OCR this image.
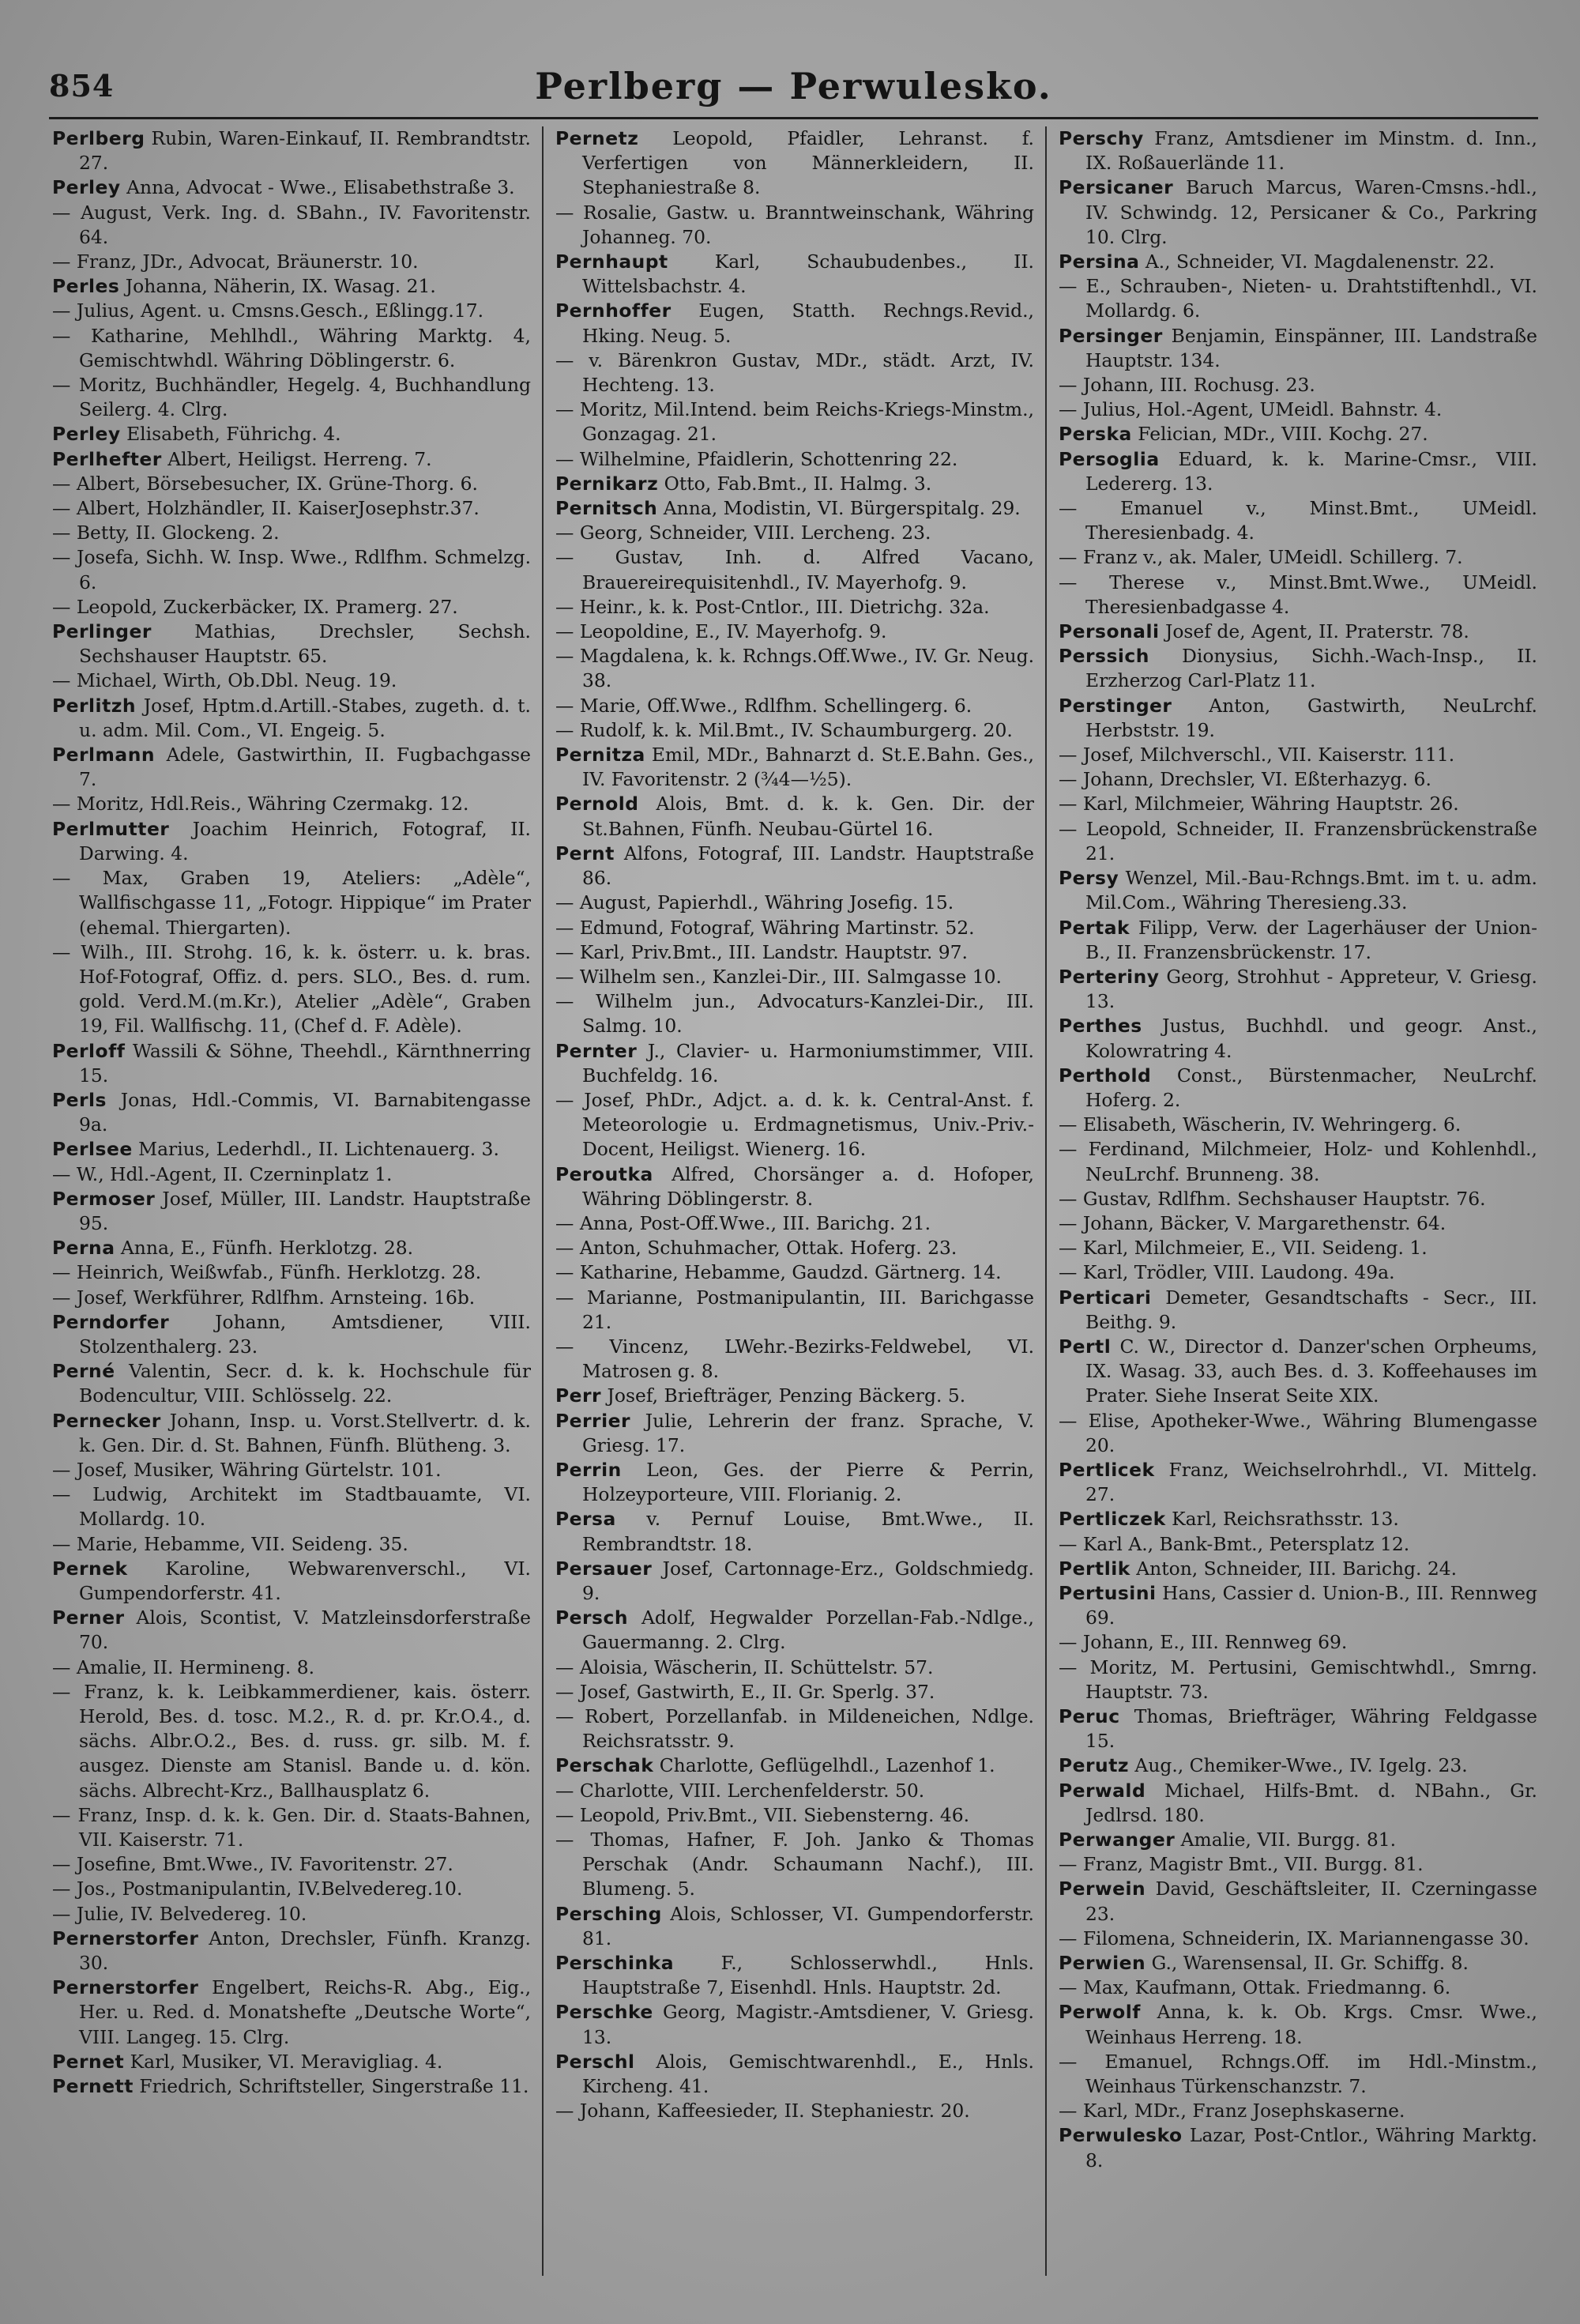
854	Perlberg — Perwulesko.

Perlberg Rubin, Waren-Einkauf, II. Rembrandtstr. 27.

Perley Anna, Advocat - Wwe., Elisabethstraße 3.

— August, Verk. Ing. d. SBahn., IV. Favoritenstr. 64.

— Franz, JDr., Advocat, Bräunerstr. 10.

Perles Johanna, Näherin, IX. Wasag. 21.

— Julius, Agent. u. Cmsns.Gesch., Eßlingg.17.

— Katharine, Mehlhdl., Währing Marktg. 4, Gemischtwhdl. Währing Döblingerstr. 6.

— Moritz, Buchhändler, Hegelg. 4, Buchhandlung Seilerg. 4. Clrg.

Perley Elisabeth, Führichg. 4.

Perlhefter Albert, Heiligst. Herreng. 7.

— Albert, Börsebesucher, IX. Grüne-Thorg. 6.

— Albert, Holzhändler, II. KaiserJosephstr.37.

— Betty, II. Glockeng. 2.

— Josefa, Sichh. W. Insp. Wwe., Rdlfhm. Schmelzg. 6.

— Leopold, Zuckerbäcker, IX. Pramerg. 27.

Perlinger Mathias, Drechsler, Sechsh. Sechshauser Hauptstr. 65.

— Michael, Wirth, Ob.Dbl. Neug. 19.

Perlitzh Josef, Hptm.d.Artill.-Stabes, zugeth. d. t. u. adm. Mil. Com., VI. Engeig. 5.

Perlmann Adele, Gastwirthin, II. Fugbachgasse 7.

— Moritz, Hdl.Reis., Währing Czermakg. 12.

Perlmutter Joachim Heinrich, Fotograf, II. Darwing. 4.

— Max, Graben 19, Ateliers: „Adèle“, Wallfischgasse 11, „Fotogr. Hippique“ im Prater (ehemal. Thiergarten).

— Wilh., III. Strohg. 16, k. k. österr. u. k. bras. Hof-Fotograf, Offiz. d. pers. SLO., Bes. d. rum. gold. Verd.M.(m.Kr.), Atelier „Adèle“, Graben 19, Fil. Wallfischg. 11, (Chef d. F. Adèle).

Perloff Wassili & Söhne, Theehdl., Kärnthnerring 15.

Perls Jonas, Hdl.-Commis, VI. Barnabitengasse 9a.

Perlsee Marius, Lederhdl., II. Lichtenauerg. 3.

— W., Hdl.-Agent, II. Czerninplatz 1.

Permoser Josef, Müller, III. Landstr. Hauptstraße 95.

Perna Anna, E., Fünfh. Herklotzg. 28.

— Heinrich, Weißwfab., Fünfh. Herklotzg. 28.

— Josef, Werkführer, Rdlfhm. Arnsteing. 16b.

Perndorfer Johann, Amtsdiener, VIII. Stolzenthalerg. 23.

Perné Valentin, Secr. d. k. k. Hochschule für Bodencultur, VIII. Schlösselg. 22.

Pernecker Johann, Insp. u. Vorst.Stellvertr. d. k. k. Gen. Dir. d. St. Bahnen, Fünfh. Blütheng. 3.

— Josef, Musiker, Währing Gürtelstr. 101.

— Ludwig, Architekt im Stadtbauamte, VI. Mollardg. 10.

— Marie, Hebamme, VII. Seideng. 35.

Pernek Karoline, Webwarenverschl., VI. Gumpendorferstr. 41.

Perner Alois, Scontist, V. Matzleinsdorferstraße 70.

— Amalie, II. Hermineng. 8.

— Franz, k. k. Leibkammerdiener, kais. österr. Herold, Bes. d. tosc. M.2., R. d. pr. Kr.O.4., d. sächs. Albr.O.2., Bes. d. russ. gr. silb. M. f. ausgez. Dienste am Stanisl. Bande u. d. kön. sächs. Albrecht-Krz., Ballhausplatz 6.

— Franz, Insp. d. k. k. Gen. Dir. d. Staats-Bahnen, VII. Kaiserstr. 71.

— Josefine, Bmt.Wwe., IV. Favoritenstr. 27.

— Jos., Postmanipulantin, IV.Belvedereg.10.

— Julie, IV. Belvedereg. 10.

Pernerstorfer Anton, Drechsler, Fünfh. Kranzg. 30.

Pernerstorfer Engelbert, Reichs-R. Abg., Eig., Her. u. Red. d. Monatshefte „Deutsche Worte“, VIII. Langeg. 15. Clrg.

Pernet Karl, Musiker, VI. Meravigliag. 4.

Pernett Friedrich, Schriftsteller, Singerstraße 11.

Pernetz Leopold, Pfaidler, Lehranst. f. Verfertigen von Männerkleidern, II. Stephaniestraße 8.

— Rosalie, Gastw. u. Branntweinschank, Währing Johanneg. 70.

Pernhaupt Karl, Schaubudenbes., II. Wittelsbachstr. 4.

Pernhoffer Eugen, Statth. Rechngs.Revid., Hking. Neug. 5.

— v. Bärenkron Gustav, MDr., städt. Arzt, IV. Hechteng. 13.

— Moritz, Mil.Intend. beim Reichs-Kriegs-Minstm., Gonzagag. 21.

— Wilhelmine, Pfaidlerin, Schottenring 22.

Pernikarz Otto, Fab.Bmt., II. Halmg. 3.

Pernitsch Anna, Modistin, VI. Bürgerspitalg. 29.

— Georg, Schneider, VIII. Lercheng. 23.

— Gustav, Inh. d. Alfred Vacano, Brauereirequisitenhdl., IV. Mayerhofg. 9.

— Heinr., k. k. Post-Cntlor., III. Dietrichg. 32a.

— Leopoldine, E., IV. Mayerhofg. 9.

— Magdalena, k. k. Rchngs.Off.Wwe., IV. Gr. Neug. 38.

— Marie, Off.Wwe., Rdlfhm. Schellingerg. 6.

— Rudolf, k. k. Mil.Bmt., IV. Schaumburgerg. 20.

Pernitza Emil, MDr., Bahnarzt d. St.E.Bahn. Ges., IV. Favoritenstr. 2 (¾4—½5).

Pernold Alois, Bmt. d. k. k. Gen. Dir. der St.Bahnen, Fünfh. Neubau-Gürtel 16.

Pernt Alfons, Fotograf, III. Landstr. Hauptstraße 86.

— August, Papierhdl., Währing Josefig. 15.

— Edmund, Fotograf, Währing Martinstr. 52.

— Karl, Priv.Bmt., III. Landstr. Hauptstr. 97.

— Wilhelm sen., Kanzlei-Dir., III. Salmgasse 10.

— Wilhelm jun., Advocaturs-Kanzlei-Dir., III. Salmg. 10.

Pernter J., Clavier- u. Harmoniumstimmer, VIII. Buchfeldg. 16.

— Josef, PhDr., Adjct. a. d. k. k. Central-Anst. f. Meteorologie u. Erdmagnetismus, Univ.-Priv.-Docent, Heiligst. Wienerg. 16.

Peroutka Alfred, Chorsänger a. d. Hofoper, Währing Döblingerstr. 8.

— Anna, Post-Off.Wwe., III. Barichg. 21.

— Anton, Schuhmacher, Ottak. Hoferg. 23.

— Katharine, Hebamme, Gaudzd. Gärtnerg. 14.

— Marianne, Postmanipulantin, III. Barichgasse 21.

— Vincenz, LWehr.-Bezirks-Feldwebel, VI. Matrosen g. 8.

Perr Josef, Briefträger, Penzing Bäckerg. 5.

Perrier Julie, Lehrerin der franz. Sprache, V. Griesg. 17.

Perrin Leon, Ges. der Pierre & Perrin, Holzeyporteure, VIII. Florianig. 2.

Persa v. Pernuf Louise, Bmt.Wwe., II. Rembrandtstr. 18.

Persauer Josef, Cartonnage-Erz., Goldschmiedg. 9.

Persch Adolf, Hegwalder Porzellan-Fab.-Ndlge., Gauermanng. 2. Clrg.

— Aloisia, Wäscherin, II. Schüttelstr. 57.

— Josef, Gastwirth, E., II. Gr. Sperlg. 37.

— Robert, Porzellanfab. in Mildeneichen, Ndlge. Reichsratsstr. 9.

Perschak Charlotte, Geflügelhdl., Lazenhof 1.

— Charlotte, VIII. Lerchenfelderstr. 50.

— Leopold, Priv.Bmt., VII. Siebensterng. 46.

— Thomas, Hafner, F. Joh. Janko & Thomas Perschak (Andr. Schaumann Nachf.), III. Blumeng. 5.

Persching Alois, Schlosser, VI. Gumpendorferstr. 81.

Perschinka F., Schlosserwhdl., Hnls. Hauptstraße 7, Eisenhdl. Hnls. Hauptstr. 2d.

Perschke Georg, Magistr.-Amtsdiener, V. Griesg. 13.

Perschl Alois, Gemischtwarenhdl., E., Hnls. Kircheng. 41.

— Johann, Kaffeesieder, II. Stephaniestr. 20.

Perschy Franz, Amtsdiener im Minstm. d. Inn., IX. Roßauerlände 11.

Persicaner Baruch Marcus, Waren-Cmsns.-hdl., IV. Schwindg. 12, Persicaner & Co., Parkring 10. Clrg.

Persina A., Schneider, VI. Magdalenenstr. 22.

— E., Schrauben-, Nieten- u. Drahtstiftenhdl., VI. Mollardg. 6.

Persinger Benjamin, Einspänner, III. Landstraße Hauptstr. 134.

— Johann, III. Rochusg. 23.

— Julius, Hol.-Agent, UMeidl. Bahnstr. 4.

Perska Felician, MDr., VIII. Kochg. 27.

Persoglia Eduard, k. k. Marine-Cmsr., VIII. Ledererg. 13.

— Emanuel v., Minst.Bmt., UMeidl. Theresienbadg. 4.

— Franz v., ak. Maler, UMeidl. Schillerg. 7.

— Therese v., Minst.Bmt.Wwe., UMeidl. Theresienbadgasse 4.

Personali Josef de, Agent, II. Praterstr. 78.

Perssich Dionysius, Sichh.-Wach-Insp., II. Erzherzog Carl-Platz 11.

Perstinger Anton, Gastwirth, NeuLrchf. Herbststr. 19.

— Josef, Milchverschl., VII. Kaiserstr. 111.

— Johann, Drechsler, VI. Eßterhazyg. 6.

— Karl, Milchmeier, Währing Hauptstr. 26.

— Leopold, Schneider, II. Franzensbrückenstraße 21.

Persy Wenzel, Mil.-Bau-Rchngs.Bmt. im t. u. adm. Mil.Com., Währing Theresieng.33.

Pertak Filipp, Verw. der Lagerhäuser der Union-B., II. Franzensbrückenstr. 17.

Perteriny Georg, Strohhut - Appreteur, V. Griesg. 13.

Perthes Justus, Buchhdl. und geogr. Anst., Kolowratring 4.

Perthold Const., Bürstenmacher, NeuLrchf. Hoferg. 2.

— Elisabeth, Wäscherin, IV. Wehringerg. 6.

— Ferdinand, Milchmeier, Holz- und Kohlenhdl., NeuLrchf. Brunneng. 38.

— Gustav, Rdlfhm. Sechshauser Hauptstr. 76.

— Johann, Bäcker, V. Margarethenstr. 64.

— Karl, Milchmeier, E., VII. Seideng. 1.

— Karl, Trödler, VIII. Laudong. 49a.

Perticari Demeter, Gesandtschafts - Secr., III. Beithg. 9.

Pertl C. W., Director d. Danzer'schen Orpheums, IX. Wasag. 33, auch Bes. d. 3. Koffeehauses im Prater. Siehe Inserat Seite XIX.

— Elise, Apotheker-Wwe., Währing Blumengasse 20.

Pertlicek Franz, Weichselrohrhdl., VI. Mittelg. 27.

Pertliczek Karl, Reichsrathsstr. 13.

— Karl A., Bank-Bmt., Petersplatz 12.

Pertlik Anton, Schneider, III. Barichg. 24.

Pertusini Hans, Cassier d. Union-B., III. Rennweg 69.

— Johann, E., III. Rennweg 69.

— Moritz, M. Pertusini, Gemischtwhdl., Smrng. Hauptstr. 73.

Peruc Thomas, Briefträger, Währing Feldgasse 15.

Perutz Aug., Chemiker-Wwe., IV. Igelg. 23.

Perwald Michael, Hilfs-Bmt. d. NBahn., Gr. Jedlrsd. 180.

Perwanger Amalie, VII. Burgg. 81.

— Franz, Magistr Bmt., VII. Burgg. 81.

Perwein David, Geschäftsleiter, II. Czerningasse 23.

— Filomena, Schneiderin, IX. Mariannengasse 30.

Perwien G., Warensensal, II. Gr. Schiffg. 8.

— Max, Kaufmann, Ottak. Friedmanng. 6.

Perwolf Anna, k. k. Ob. Krgs. Cmsr. Wwe., Weinhaus Herreng. 18.

— Emanuel, Rchngs.Off. im Hdl.-Minstm., Weinhaus Türkenschanzstr. 7.

— Karl, MDr., Franz Josephskaserne.

Perwulesko Lazar, Post-Cntlor., Währing Marktg. 8.
